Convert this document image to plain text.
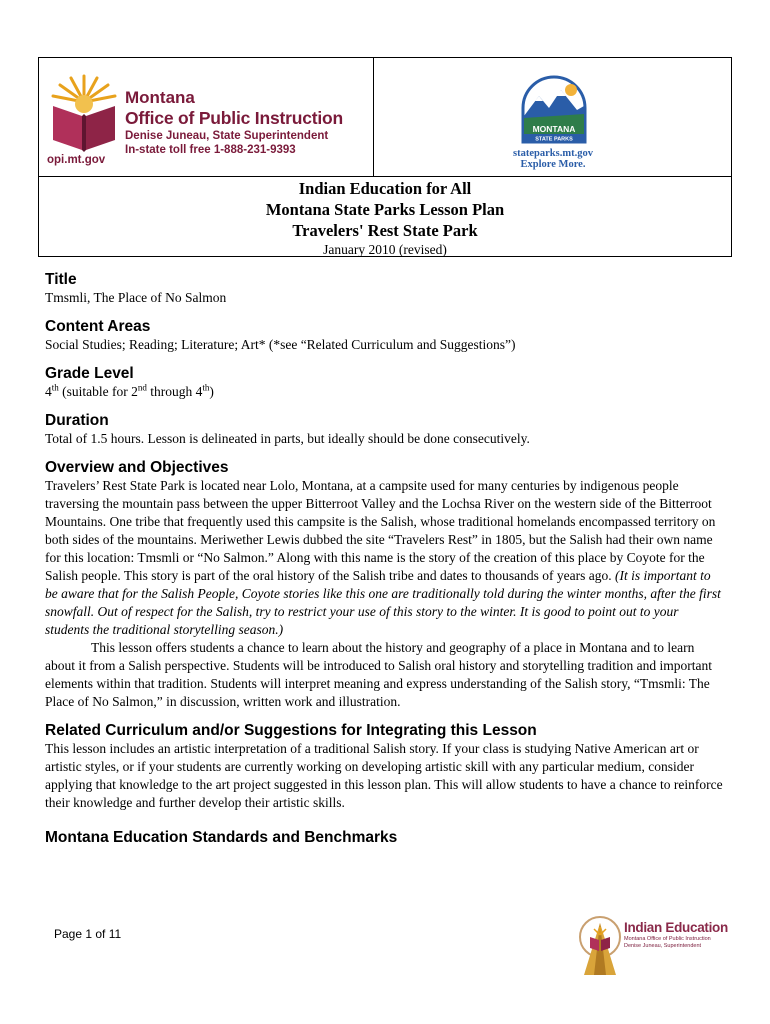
Montana
Office of Public Instruction
Denise Juneau, State Superintendent
In-state toll free 1-888-231-9393
opi.mt.gov
MONTANA
STATE PARKS
stateparks.mt.gov
Explore More.
Indian Education for All
Montana State Parks Lesson Plan
Travelers' Rest State Park
January 2010 (revised)
Title

Tmsmli, The Place of No Salmon

Content Areas

Social Studies; Reading; Literature; Art* (*see “Related Curriculum and Suggestions”)

Grade Level

4th (suitable for 2nd through 4th)

Duration

Total of 1.5 hours. Lesson is delineated in parts, but ideally should be done consecutively.

Overview and Objectives

Travelers’ Rest State Park is located near Lolo, Montana, at a campsite used for many centuries by indigenous people traversing the mountain pass between the upper Bitterroot Valley and the Lochsa River on the western side of the Bitterroot Mountains. One tribe that frequently used this campsite is the Salish, whose traditional homelands encompassed territory on both sides of the mountains. Meriwether Lewis dubbed the site “Travelers Rest” in 1805, but the Salish had their own name for this location: Tmsmli or “No Salmon.” Along with this name is the story of the creation of this place by Coyote for the Salish people. This story is part of the oral history of the Salish tribe and dates to thousands of years ago. (It is important to be aware that for the Salish People, Coyote stories like this one are traditionally told during the winter months, after the first snowfall. Out of respect for the Salish, try to restrict your use of this story to the winter. It is good to point out to your students the traditional storytelling season.)

This lesson offers students a chance to learn about the history and geography of a place in Montana and to learn about it from a Salish perspective. Students will be introduced to Salish oral history and storytelling tradition and important elements within that tradition. Students will interpret meaning and express understanding of the Salish story, “Tmsmli: The Place of No Salmon,” in discussion, written work and illustration.

Related Curriculum and/or Suggestions for Integrating this Lesson

This lesson includes an artistic interpretation of a traditional Salish story. If your class is studying Native American art or artistic styles, or if your students are currently working on developing artistic skill with any particular medium, consider applying that knowledge to the art project suggested in this lesson plan. This will allow students to have a chance to reinforce their knowledge and further develop their artistic skills.

Montana Education Standards and Benchmarks
Page 1 of 11	Indian Education
Montana Office of Public Instruction
Denise Juneau, Superintendent
